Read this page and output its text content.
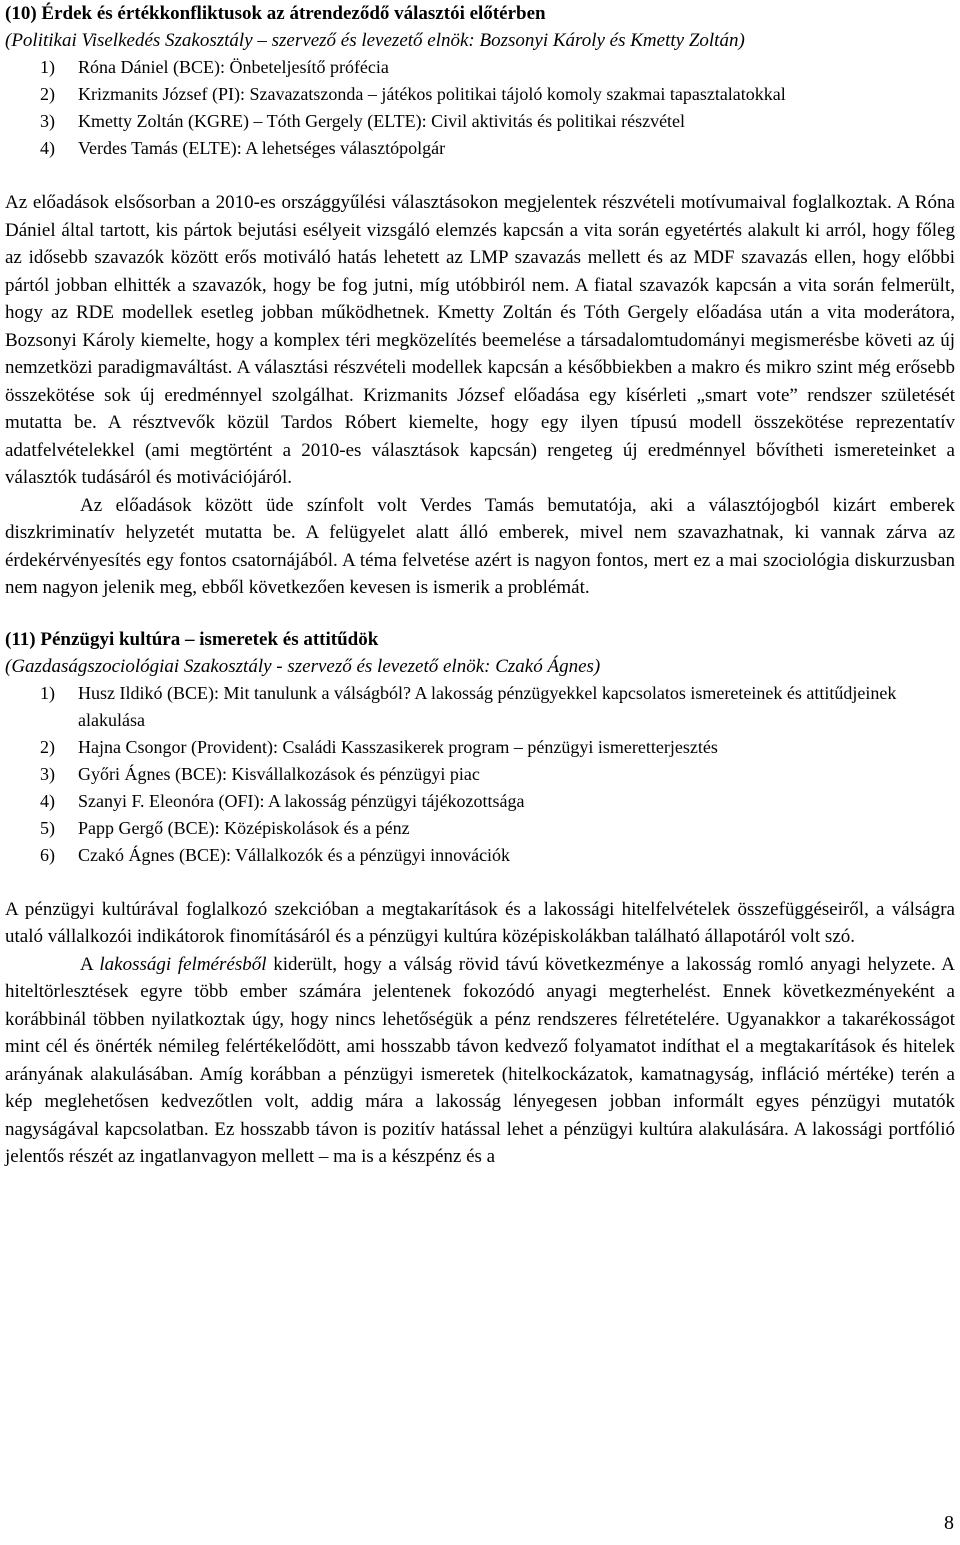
(10) Érdek és értékkonfliktusok az átrendeződő választói előtérben

(Politikai Viselkedés Szakosztály – szervező és levezető elnök: Bozsonyi Károly és Kmetty Zoltán)

1) Róna Dániel (BCE): Önbeteljesítő prófécia
2) Krizmanits József (PI): Szavazatszonda – játékos politikai tájoló komoly szakmai tapasztalatokkal
3) Kmetty Zoltán (KGRE) – Tóth Gergely (ELTE): Civil aktivitás és politikai részvétel
4) Verdes Tamás (ELTE): A lehetséges választópolgár

Az előadások elsősorban a 2010-es országgyűlési választásokon megjelentek részvételi motívumaival foglalkoztak. A Róna Dániel által tartott, kis pártok bejutási esélyeit vizsgáló elemzés kapcsán a vita során egyetértés alakult ki arról, hogy főleg az idősebb szavazók között erős motiváló hatás lehetett az LMP szavazás mellett és az MDF szavazás ellen, hogy előbbi pártól jobban elhitték a szavazók, hogy be fog jutni, míg utóbbiról nem. A fiatal szavazók kapcsán a vita során felmerült, hogy az RDE modellek esetleg jobban működhetnek. Kmetty Zoltán és Tóth Gergely előadása után a vita moderátora, Bozsonyi Károly kiemelte, hogy a komplex téri megközelítés beemelése a társadalomtudományi megismerésbe követi az új nemzetközi paradigmaváltást. A választási részvételi modellek kapcsán a későbbiekben a makro és mikro szint még erősebb összekötése sok új eredménnyel szolgálhat. Krizmanits József előadása egy kísérleti „smart vote” rendszer születését mutatta be. A résztvevők közül Tardos Róbert kiemelte, hogy egy ilyen típusú modell összekötése reprezentatív adatfelvételekkel (ami megtörtént a 2010-es választások kapcsán) rengeteg új eredménnyel bővítheti ismereteinket a választók tudásáról és motivációjáról.

Az előadások között üde színfolt volt Verdes Tamás bemutatója, aki a választójogból kizárt emberek diszkriminatív helyzetét mutatta be. A felügyelet alatt álló emberek, mivel nem szavazhatnak, ki vannak zárva az érdekérvényesítés egy fontos csatornájából. A téma felvetése azért is nagyon fontos, mert ez a mai szociológia diskurzusban nem nagyon jelenik meg, ebből következően kevesen is ismerik a problémát.

(11) Pénzügyi kultúra – ismeretek és attitűdök

(Gazdaságszociológiai Szakosztály - szervező és levezető elnök: Czakó Ágnes)

1) Husz Ildikó (BCE): Mit tanulunk a válságból? A lakosság pénzügyekkel kapcsolatos ismereteinek és attitűdjeinek alakulása
2) Hajna Csongor (Provident): Családi Kasszasikerek program – pénzügyi ismeretterjesztés
3) Győri Ágnes (BCE): Kisvállalkozások és pénzügyi piac
4) Szanyi F. Eleonóra (OFI): A lakosság pénzügyi tájékozottsága
5) Papp Gergő (BCE): Középiskolások és a pénz
6) Czakó Ágnes (BCE): Vállalkozók és a pénzügyi innovációk

A pénzügyi kultúrával foglalkozó szekcióban a megtakarítások és a lakossági hitelfelvételek összefüggéseiről, a válságra utaló vállalkozói indikátorok finomításáról és a pénzügyi kultúra középiskolákban található állapotáról volt szó.

A lakossági felmérésből kiderült, hogy a válság rövid távú következménye a lakosság romló anyagi helyzete. A hiteltörlesztések egyre több ember számára jelentenek fokozódó anyagi megterhelést. Ennek következményeként a korábbinál többen nyilatkoztak úgy, hogy nincs lehetőségük a pénz rendszeres félretételére. Ugyanakkor a takarékosságot mint cél és önérték némileg felértékelődött, ami hosszabb távon kedvező folyamatot indíthat el a megtakarítások és hitelek arányának alakulásában. Amíg korábban a pénzügyi ismeretek (hitelkockázatok, kamatnagyság, infláció mértéke) terén a kép meglehetősen kedvezőtlen volt, addig mára a lakosság lényegesen jobban informált egyes pénzügyi mutatók nagyságával kapcsolatban. Ez hosszabb távon is pozitív hatással lehet a pénzügyi kultúra alakulására. A lakossági portfólió jelentős részét az ingatlanvagyon mellett – ma is a készpénz és a

8
